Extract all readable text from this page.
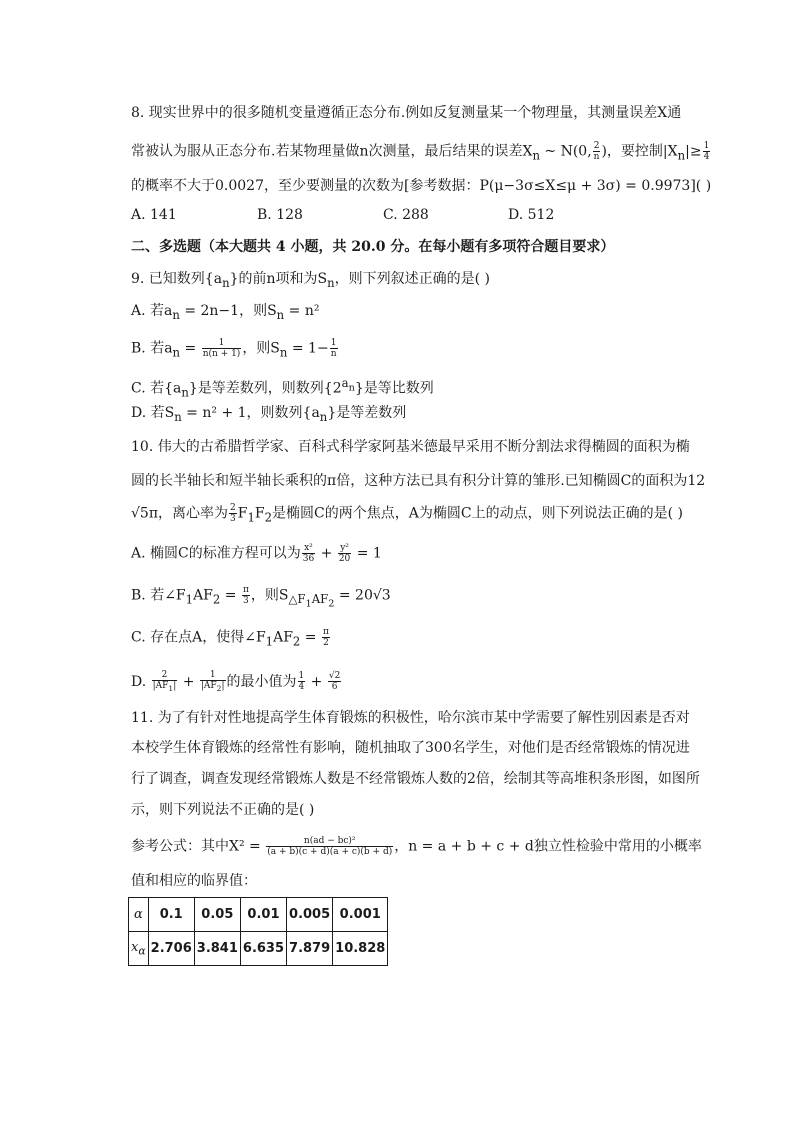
8. 现实世界中的很多随机变量遵循正态分布.例如反复测量某一个物理量，其测量误差X通
常被认为服从正态分布.若某物理量做n次测量，最后结果的误差$X_n$ ~ N(0, $\frac{2}{n}$ )，要控制$|X_n|\ge \frac{1}{4}$
的概率不大于0.0027，至少要测量的次数为[参考数据：P(μ−3σ≤X≤μ + 3σ) = 0.9973]( )
A. 141	B. 128	C. 288	D. 512
二、多选题（本大题共 4 小题，共 20.0 分。在每小题有多项符合题目要求）
9. 已知数列$\{a_n\}$的前n项和为$S_n$，则下列叙述正确的是( )
A. 若$a_n = 2n-1$，则$S_n = n^2$
B. 若$a_n = \frac{1}{n(n + 1)}$ ，则$S_n = 1- \frac{1}{n}$
C. 若$\{a_n\}$是等差数列，则数列$\{2^{a_n}\}$是等比数列
D. 若$S_n = n^2 + 1$，则数列$\{a_n\}$是等差数列
10. 伟大的古希腊哲学家、百科式科学家阿基米德最早采用不断分割法求得椭圆的面积为椭
圆的长半轴长和短半轴长乘积的π倍，这种方法已具有积分计算的雏形.已知椭圆C的面积为12
√5π，离心率为 $\frac{2}{3} F_1F_2$是椭圆C的两个焦点，A为椭圆C上的动点，则下列说法正确的是( )
A. 椭圆C的标准方程可以为 $\frac{\text{x²}}{36} + \frac{\text{y²}}{20} = 1$
B. 若$\angle F_1AF_2 = \frac{\pi}{3}$ ，则$S_{\triangle F_1AF_2} = 20√3$
C. 存在点A，使得$\angle F_1AF_2 = \frac{\pi}{2}$
D. $\frac{2}{|AF_1|} + \frac{1}{|AF_2|}$ 的最小值为 $\frac{1}{4} + \frac{√2}{6}$
11. 为了有针对性地提高学生体育锻炼的积极性，哈尔滨市某中学需要了解性别因素是否对
本校学生体育锻炼的经常性有影响，随机抽取了300名学生，对他们是否经常锻炼的情况进
行了调查，调查发现经常锻炼人数是不经常锻炼人数的2倍，绘制其等高堆积条形图，如图所
示，则下列说法不正确的是( )
参考公式：其中$X^2 = \frac{\text{n(ad − bc)²}}{(a + b)(c + d)(a + c)(b + d)}$ ，n = a + b + c + d独立性检验中常用的小概率
值和相应的临界值：
α	0.1	0.05	0.01	0.005	0.001
$x_\alpha$	2.706	3.841	6.635	7.879	10.828
